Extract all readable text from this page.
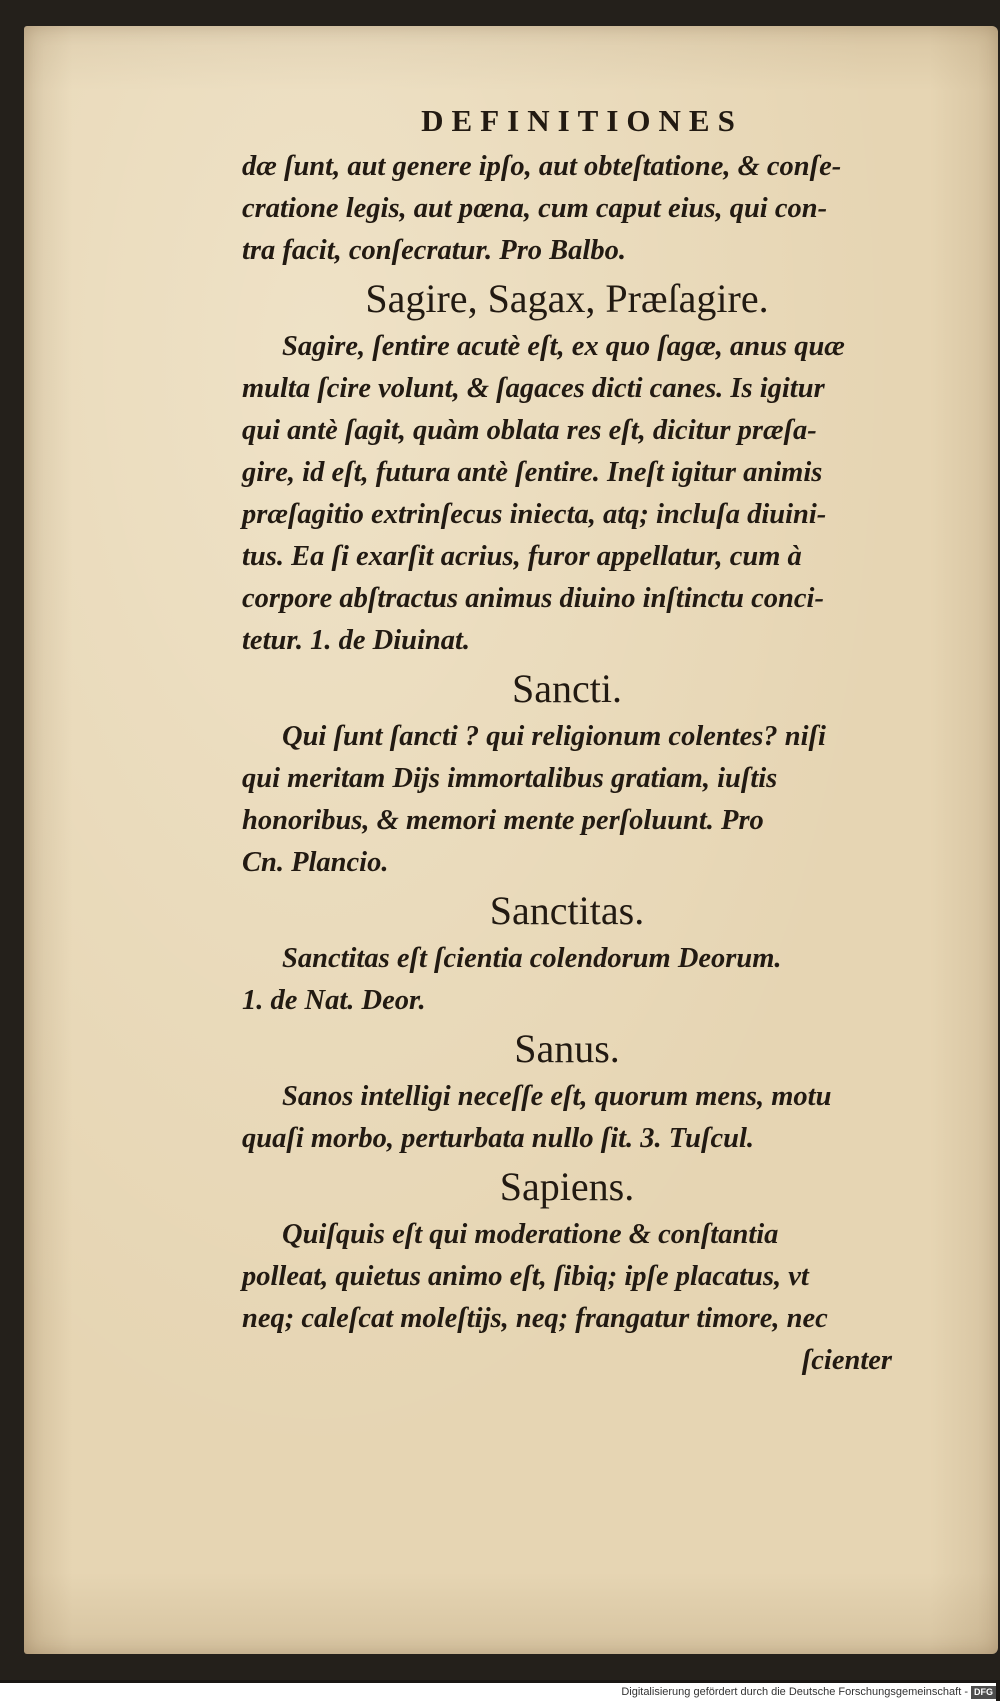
DEFINITIONES
dæ ſunt, aut genere ipſo, aut obteſtatione, & conſe-
cratione legis, aut pœna, cum caput eius, qui con-
tra facit, conſecratur. Pro Balbo.
Sagire, Sagax, Præſagire.
Sagire, ſentire acutè eſt, ex quo ſagæ, anus quæ
multa ſcire volunt, & ſagaces dicti canes. Is igitur
qui antè ſagit, quàm oblata res eſt, dicitur præſa-
gire, id eſt, futura antè ſentire. Ineſt igitur animis
præſagitio extrinſecus iniecta, atq; incluſa diuini-
tus. Ea ſi exarſit acrius, furor appellatur, cum à
corpore abſtractus animus diuino inſtinctu conci-
tetur. 1. de Diuinat.
Sancti.
Qui ſunt ſancti ? qui religionum colentes? niſi
qui meritam Dijs immortalibus gratiam, iuſtis
honoribus, & memori mente perſoluunt. Pro
Cn. Plancio.
Sanctitas.
Sanctitas eſt ſcientia colendorum Deorum.
1. de Nat. Deor.
Sanus.
Sanos intelligi neceſſe eſt, quorum mens, motu
quaſi morbo, perturbata nullo ſit. 3. Tuſcul.
Sapiens.
Quiſquis eſt qui moderatione & conſtantia
polleat, quietus animo eſt, ſibiq; ipſe placatus, vt
neq; caleſcat moleſtijs, neq; frangatur timore, nec
ſcienter
Digitalisierung gefördert durch die Deutsche Forschungsgemeinschaft - DFG
